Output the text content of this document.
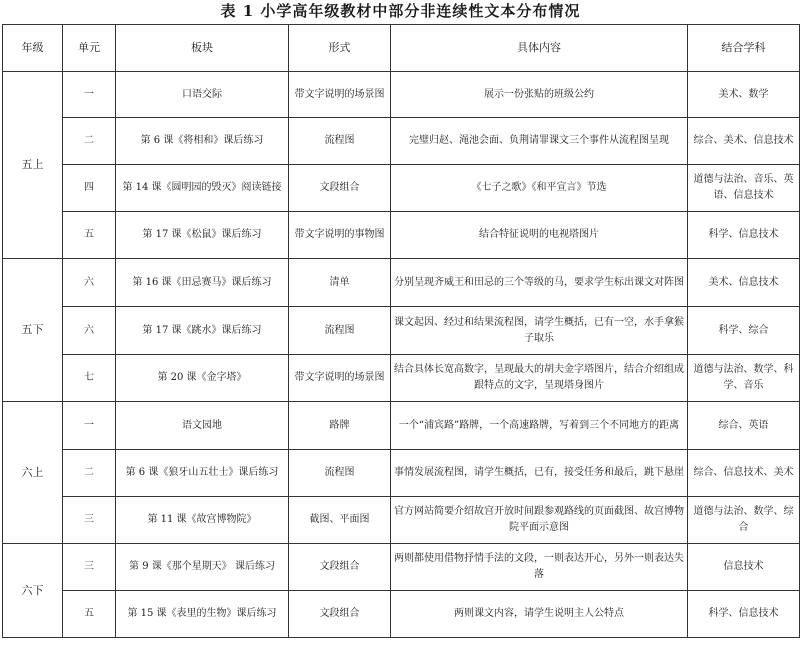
表 1 小学高年级教材中部分非连续性文本分布情况
年级	单元	板块	形式	具体内容	结合学科
五上	一	口语交际	带文字说明的场景图	展示一份张贴的班级公约	美术、数学
	二	第 6 课《将相和》课后练习	流程图	完璧归赵、渑池会面、负荆请罪课文三个事件从流程图呈现	综合、美术、信息技术
	四	第 14 课《圆明园的毁灭》阅读链接	文段组合	《七子之歌》《和平宣言》节选	道德与法治、音乐、英语、信息技术
	五	第 17 课《松鼠》课后练习	带文字说明的事物图	结合特征说明的电视塔图片	科学、信息技术
五下	六	第 16 课《田忌赛马》课后练习	清单	分别呈现齐威王和田忌的三个等级的马，要求学生标出课文对阵图	美术、信息技术
	六	第 17 课《跳水》课后练习	流程图	课文起因、经过和结果流程图，请学生概括，已有一空，水手拿猴子取乐	科学、综合
	七	第 20 课《金字塔》	带文字说明的场景图	结合具体长宽高数字，呈现最大的胡夫金字塔图片，结合介绍组成跟特点的文字，呈现塔身图片	道德与法治、数学、科学、音乐
六上	一	语文园地	路牌	一个“浦宾路”路牌，一个高速路牌，写着到三个不同地方的距离	综合、英语
	二	第 6 课《狼牙山五壮士》课后练习	流程图	事情发展流程图，请学生概括，已有，接受任务和最后，跳下悬崖	综合、信息技术、美术
	三	第 11 课《故宫博物院》	截图、平面图	官方网站简要介绍故宫开放时间跟参观路线的页面截图、故宫博物院平面示意图	道德与法治、数学、综合
六下	三	第 9 课《那个星期天》 课后练习	文段组合	两则都使用借物抒情手法的文段，一则表达开心，另外一则表达失落	信息技术
	五	第 15 课《表里的生物》课后练习	文段组合	两则课文内容，请学生说明主人公特点	科学、信息技术
